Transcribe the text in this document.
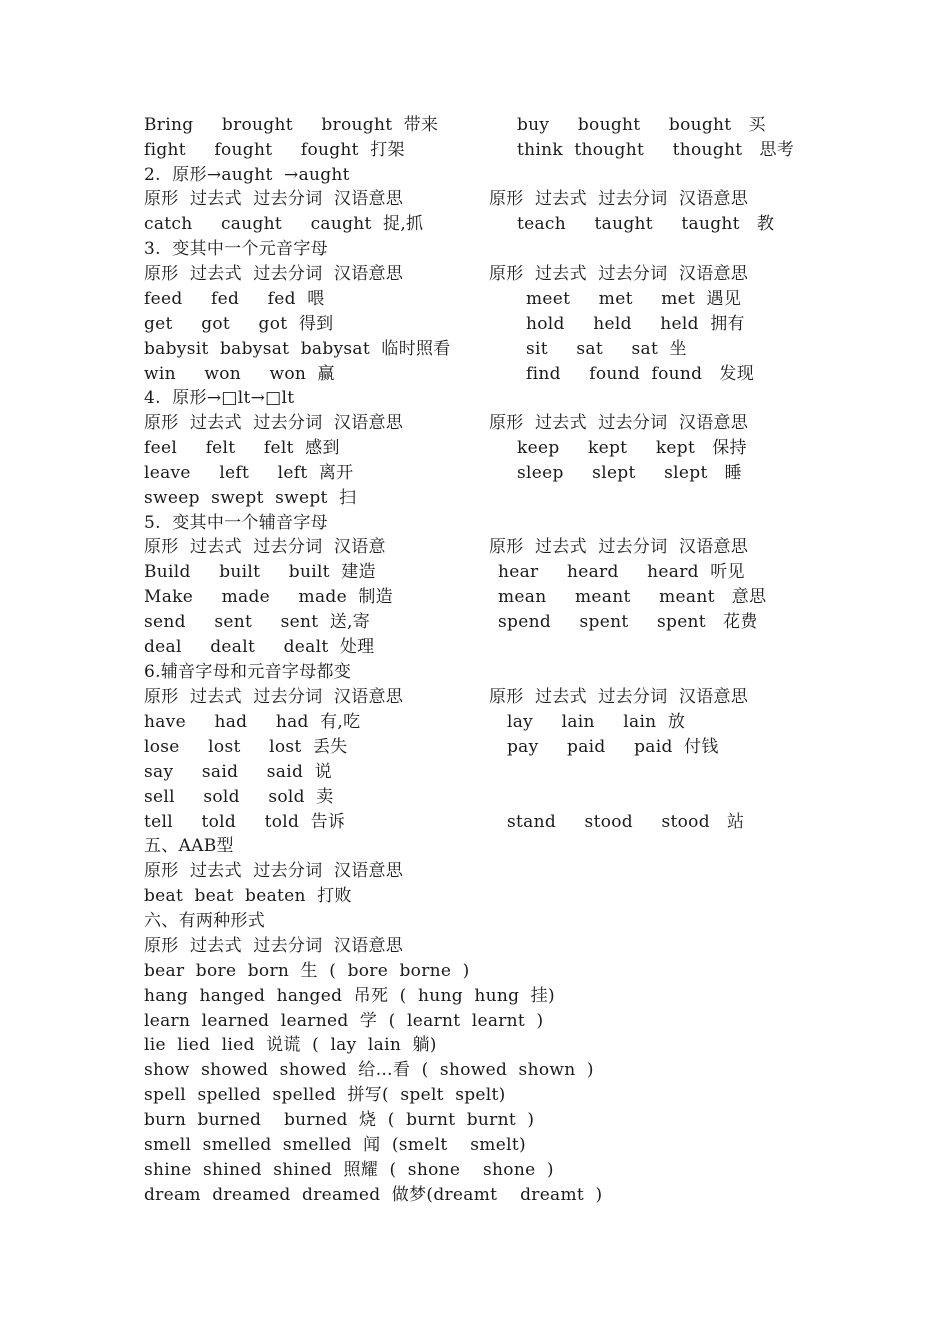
Bring     brought     brought  带来	buy     bought     bought   买
fight     fought     fought  打架	think  thought     thought   思考
2.  原形→aught  →aught
原形  过去式  过去分词  汉语意思	原形  过去式  过去分词  汉语意思
catch     caught     caught  捉,抓	teach     taught     taught   教
3.  变其中一个元音字母
原形  过去式  过去分词  汉语意思	原形  过去式  过去分词  汉语意思
feed     fed     fed  喂	meet     met     met  遇见
get     got     got  得到	hold     held     held  拥有
babysit  babysat  babysat  临时照看	sit     sat     sat  坐
win     won     won  赢	find     found  found   发现
4.  原形→□lt→□lt
原形  过去式  过去分词  汉语意思	原形  过去式  过去分词  汉语意思
feel     felt     felt  感到	keep     kept     kept   保持
leave     left     left  离开	sleep     slept     slept   睡
sweep  swept  swept  扫
5.  变其中一个辅音字母
原形  过去式  过去分词  汉语意	原形  过去式  过去分词  汉语意思
Build     built     built  建造	hear     heard     heard  听见
Make     made     made  制造	mean     meant     meant   意思
send     sent     sent  送,寄	spend     spent     spent   花费
deal     dealt     dealt  处理
6.辅音字母和元音字母都变
原形  过去式  过去分词  汉语意思	原形  过去式  过去分词  汉语意思
have     had     had  有,吃	lay     lain     lain  放
lose     lost     lost  丢失	pay     paid     paid  付钱
say     said     said  说
sell     sold     sold  卖
tell     told     told  告诉	stand     stood     stood   站
五、AAB型
原形  过去式  过去分词  汉语意思
beat  beat  beaten  打败
六、有两种形式
原形  过去式  过去分词  汉语意思
bear  bore  born  生  (  bore  borne  )
hang  hanged  hanged  吊死  (  hung  hung  挂)
learn  learned  learned  学  (  learnt  learnt  )
lie  lied  lied  说谎  (  lay  lain  躺)
show  showed  showed  给…看  (  showed  shown  )
spell  spelled  spelled  拼写(  spelt  spelt)
burn  burned    burned  烧  (  burnt  burnt  )
smell  smelled  smelled  闻  (smelt    smelt)
shine  shined  shined  照耀  (  shone    shone  )
dream  dreamed  dreamed  做梦(dreamt    dreamt  )
